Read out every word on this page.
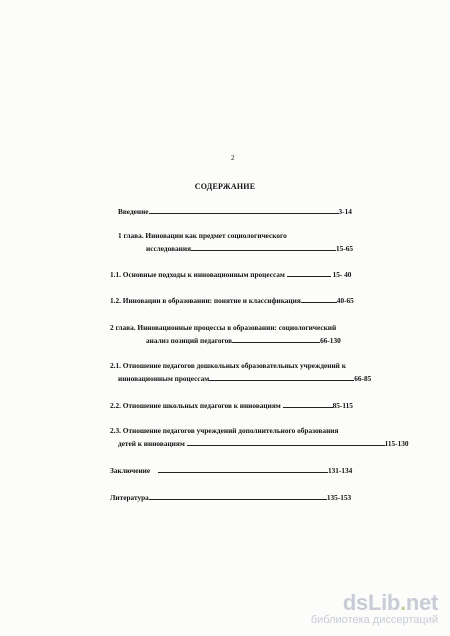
2
СОДЕРЖАНИЕ
Введение	3-14
1 глава. Инновации как предмет социологического
исследования	15-65
1.1. Основные подходы к инновационным процессам	15- 40
1.2. Инновации в образовании: понятие и классификация	40-65
2 глава. Инновационные процессы в образовании: социологический
анализ позиций педагогов	66-130
2.1. Отношение педагогов дошкольных образовательных учреждений к
инновационным процессам	66-85
2.2. Отношение школьных педагогов к инновациям	85-115
2.3. Отношение педагогов учреждений дополнительного образования
детей к инновациям	115-130
Заключение	131-134
Литература	135-153
dsLib.net
библиотека диссертаций
